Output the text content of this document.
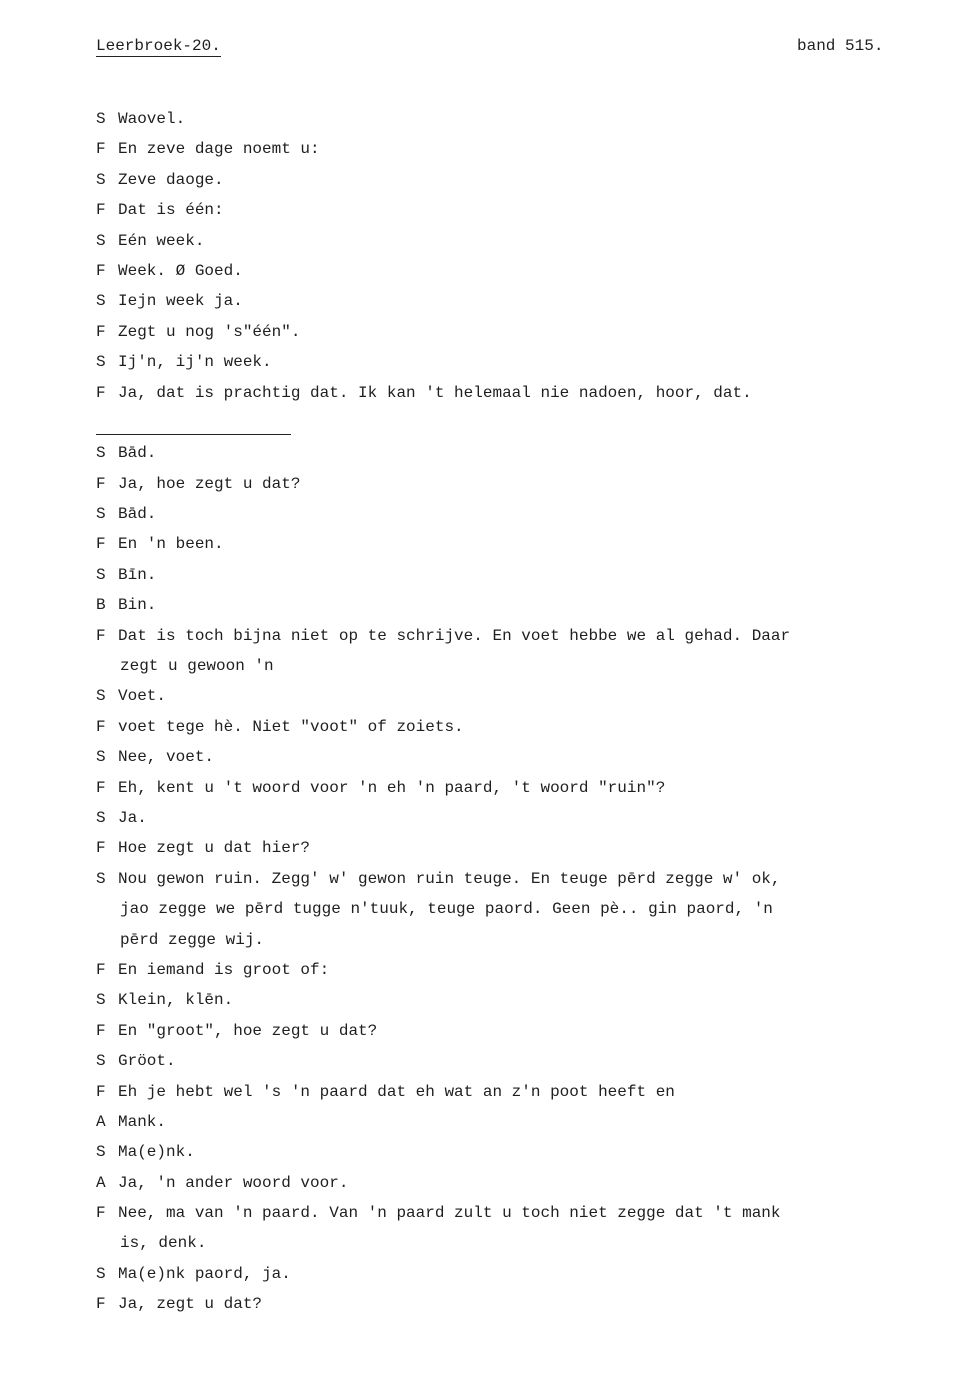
Leerbroek-20.	band 515.
S Waovel.
F En zeve dage noemt u:
S Zeve daoge.
F Dat is één:
S Eén week.
F Week. Ø Goed.
S Iejn week ja.
F Zegt u nog 's"één".
S Ij'n, ij'n week.
F Ja, dat is prachtig dat. Ik kan 't helemaal nie nadoen, hoor, dat.
S Bād.
F Ja, hoe zegt u dat?
S Bād.
F En 'n been.
S Bīn.
B Bin.
F Dat is toch bijna niet op te schrijve. En voet hebbe we al gehad. Daar
zegt u gewoon 'n
S Voet.
F voet tege hè. Niet "voot" of zoiets.
S Nee, voet.
F Eh, kent u 't woord voor 'n eh 'n paard, 't woord "ruin"?
S Ja.
F Hoe zegt u dat hier?
S Nou gewon ruin. Zegg' w' gewon ruin teuge. En teuge pērd zegge w' ok,
jao zegge we pērd tugge n'tuuk, teuge paord. Geen pè.. gin paord, 'n
pērd zegge wij.
F En iemand is groot of:
S Klein, klēn.
F En "groot", hoe zegt u dat?
S Gröot.
F Eh je hebt wel 's 'n paard dat eh wat an z'n poot heeft en
A Mank.
S Ma(e)nk.
A Ja, 'n ander woord voor.
F Nee, ma van 'n paard. Van 'n paard zult u toch niet zegge dat 't mank
is, denk.
S Ma(e)nk paord, ja.
F Ja, zegt u dat?
